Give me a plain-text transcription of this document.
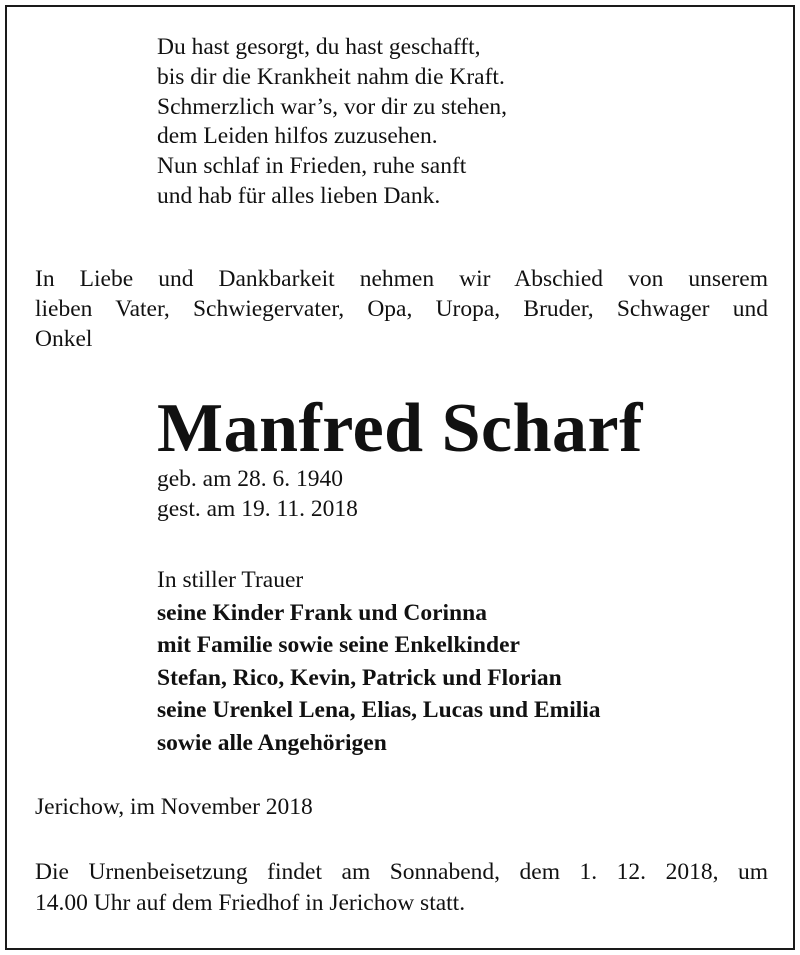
Du hast gesorgt, du hast geschafft,
bis dir die Krankheit nahm die Kraft.
Schmerzlich war’s, vor dir zu stehen,
dem Leiden hilfos zuzusehen.
Nun schlaf in Frieden, ruhe sanft
und hab für alles lieben Dank.
In Liebe und Dankbarkeit nehmen wir Abschied von unserem
lieben Vater, Schwiegervater, Opa, Uropa, Bruder, Schwager und
Onkel
Manfred Scharf
geb. am 28. 6. 1940
gest. am 19. 11. 2018
In stiller Trauer
seine Kinder Frank und Corinna
mit Familie sowie seine Enkelkinder
Stefan, Rico, Kevin, Patrick und Florian
seine Urenkel Lena, Elias, Lucas und Emilia
sowie alle Angehörigen
Jerichow, im November 2018
Die Urnenbeisetzung findet am Sonnabend, dem 1. 12. 2018, um
14.00 Uhr auf dem Friedhof in Jerichow statt.
